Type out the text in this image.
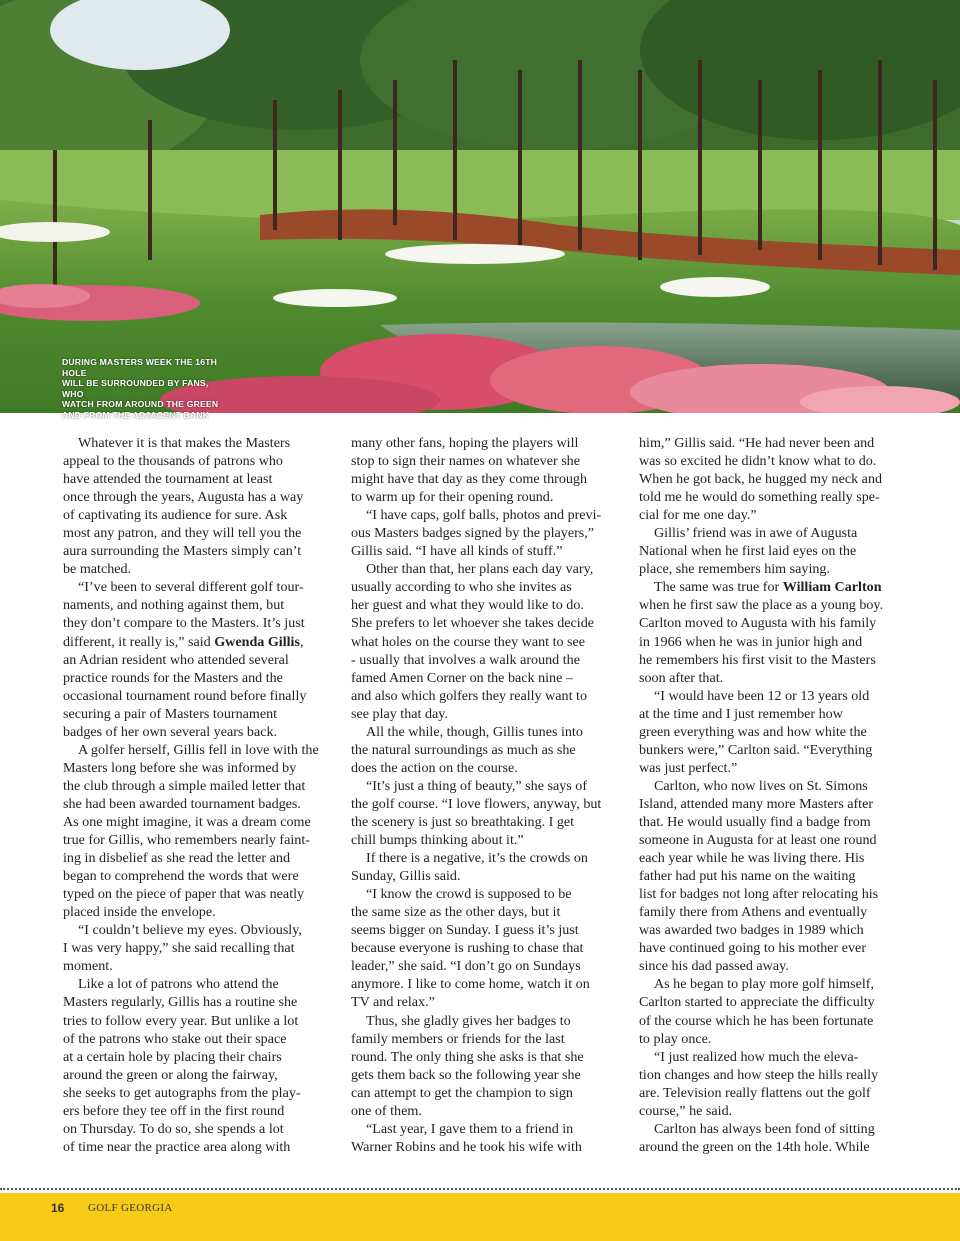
DURING MASTERS WEEK THE 16TH HOLE
WILL BE SURROUNDED BY FANS, WHO
WATCH FROM AROUND THE GREEN
AND FROM THE ADJACENT BANK
Whatever it is that makes the Masters
appeal to the thousands of patrons who
have attended the tournament at least
once through the years, Augusta has a way
of captivating its audience for sure. Ask
most any patron, and they will tell you the
aura surrounding the Masters simply can’t
be matched.
“I’ve been to several different golf tour-
naments, and nothing against them, but
they don’t compare to the Masters. It’s just
different, it really is,” said Gwenda Gillis,
an Adrian resident who attended several
practice rounds for the Masters and the
occasional tournament round before finally
securing a pair of Masters tournament
badges of her own several years back.
A golfer herself, Gillis fell in love with the
Masters long before she was informed by
the club through a simple mailed letter that
she had been awarded tournament badges.
As one might imagine, it was a dream come
true for Gillis, who remembers nearly faint-
ing in disbelief as she read the letter and
began to comprehend the words that were
typed on the piece of paper that was neatly
placed inside the envelope.
“I couldn’t believe my eyes. Obviously,
I was very happy,” she said recalling that
moment.
Like a lot of patrons who attend the
Masters regularly, Gillis has a routine she
tries to follow every year. But unlike a lot
of the patrons who stake out their space
at a certain hole by placing their chairs
around the green or along the fairway,
she seeks to get autographs from the play-
ers before they tee off in the first round
on Thursday. To do so, she spends a lot
of time near the practice area along with
many other fans, hoping the players will
stop to sign their names on whatever she
might have that day as they come through
to warm up for their opening round.
“I have caps, golf balls, photos and previ-
ous Masters badges signed by the players,”
Gillis said. “I have all kinds of stuff.”
Other than that, her plans each day vary,
usually according to who she invites as
her guest and what they would like to do.
She prefers to let whoever she takes decide
what holes on the course they want to see
- usually that involves a walk around the
famed Amen Corner on the back nine –
and also which golfers they really want to
see play that day.
All the while, though, Gillis tunes into
the natural surroundings as much as she
does the action on the course.
“It’s just a thing of beauty,” she says of
the golf course. “I love flowers, anyway, but
the scenery is just so breathtaking. I get
chill bumps thinking about it.”
If there is a negative, it’s the crowds on
Sunday, Gillis said.
“I know the crowd is supposed to be
the same size as the other days, but it
seems bigger on Sunday. I guess it’s just
because everyone is rushing to chase that
leader,” she said. “I don’t go on Sundays
anymore. I like to come home, watch it on
TV and relax.”
Thus, she gladly gives her badges to
family members or friends for the last
round. The only thing she asks is that she
gets them back so the following year she
can attempt to get the champion to sign
one of them.
“Last year, I gave them to a friend in
Warner Robins and he took his wife with
him,” Gillis said. “He had never been and
was so excited he didn’t know what to do.
When he got back, he hugged my neck and
told me he would do something really spe-
cial for me one day.”
Gillis’ friend was in awe of Augusta
National when he first laid eyes on the
place, she remembers him saying.
The same was true for William Carlton
when he first saw the place as a young boy.
Carlton moved to Augusta with his family
in 1966 when he was in junior high and
he remembers his first visit to the Masters
soon after that.
“I would have been 12 or 13 years old
at the time and I just remember how
green everything was and how white the
bunkers were,” Carlton said. “Everything
was just perfect.”
Carlton, who now lives on St. Simons
Island, attended many more Masters after
that. He would usually find a badge from
someone in Augusta for at least one round
each year while he was living there. His
father had put his name on the waiting
list for badges not long after relocating his
family there from Athens and eventually
was awarded two badges in 1989 which
have continued going to his mother ever
since his dad passed away.
As he began to play more golf himself,
Carlton started to appreciate the difficulty
of the course which he has been fortunate
to play once.
“I just realized how much the eleva-
tion changes and how steep the hills really
are. Television really flattens out the golf
course,” he said.
Carlton has always been fond of sitting
around the green on the 14th hole. While
16 GOLF GEORGIA
